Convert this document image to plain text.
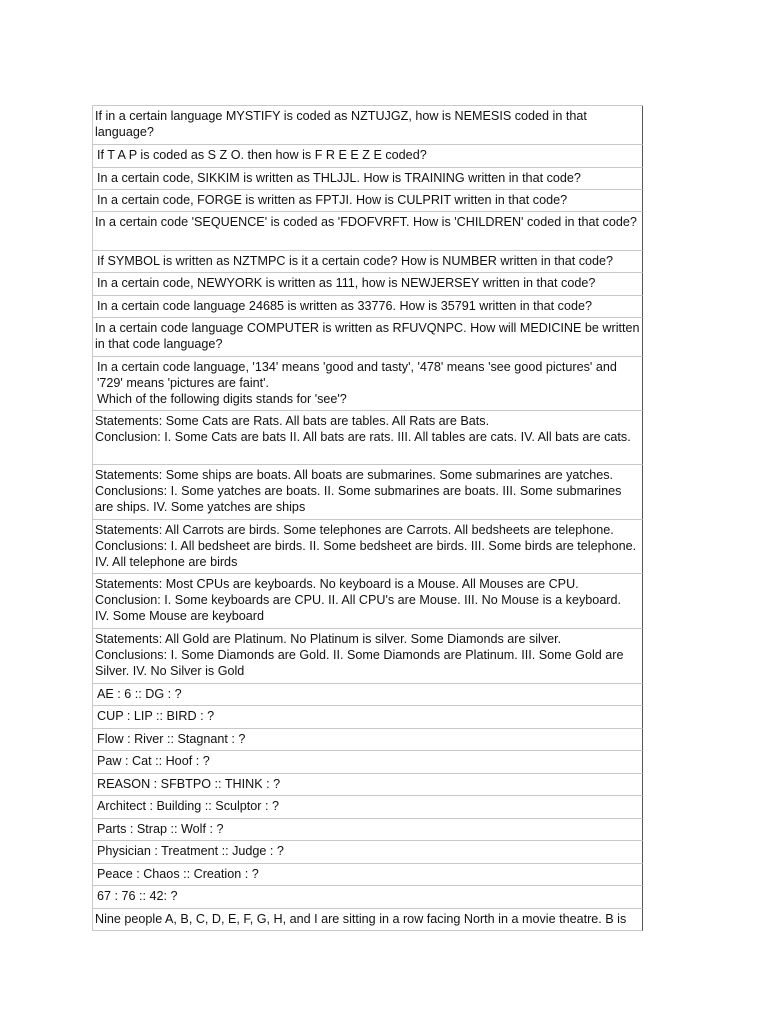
If in a certain language MYSTIFY is coded as NZTUJGZ, how is NEMESIS coded in that language?
If T A P is coded as S Z O. then how is F R E E Z E coded?
In a certain code, SIKKIM is written as THLJJL. How is TRAINING written in that code?
In a certain code, FORGE is written as FPTJI. How is CULPRIT written in that code?
In a certain code 'SEQUENCE' is coded as 'FDOFVRFT. How is 'CHILDREN' coded in that code?
If SYMBOL is written as NZTMPC is it a certain code? How is NUMBER written in that code?
In a certain code, NEWYORK is written as 111, how is NEWJERSEY written in that code?
In a certain code language 24685 is written as 33776. How is 35791 written in that code?
In a certain code language COMPUTER is written as RFUVQNPC. How will MEDICINE be written in that code language?
In a certain code language, '134' means 'good and tasty', '478' means 'see good pictures' and '729' means 'pictures are faint'.
Which of the following digits stands for 'see'?
Statements: Some Cats are Rats. All bats are tables. All Rats are Bats.
Conclusion: I. Some Cats are bats II. All bats are rats. III. All tables are cats. IV. All bats are cats.
Statements: Some ships are boats. All boats are submarines. Some submarines are yatches.
Conclusions: I. Some yatches are boats. II. Some submarines are boats. III. Some submarines are ships. IV. Some yatches are ships
Statements: All Carrots are birds. Some telephones are Carrots. All bedsheets are telephone.
Conclusions: I. All bedsheet are birds. II. Some bedsheet are birds. III. Some birds are telephone. IV. All telephone are birds
Statements: Most CPUs are keyboards. No keyboard is a Mouse. All Mouses are CPU.
Conclusion: I. Some keyboards are CPU. II. All CPU's are Mouse. III. No Mouse is a keyboard.
IV. Some Mouse are keyboard
Statements: All Gold are Platinum. No Platinum is silver. Some Diamonds are silver.
Conclusions: I. Some Diamonds are Gold. II. Some Diamonds are Platinum. III. Some Gold are Silver. IV. No Silver is Gold
AE : 6 :: DG : ?
CUP : LIP :: BIRD : ?
Flow : River :: Stagnant : ?
Paw : Cat :: Hoof : ?
REASON : SFBTPO :: THINK : ?
Architect : Building :: Sculptor : ?
Parts : Strap :: Wolf : ?
Physician : Treatment :: Judge : ?
Peace : Chaos :: Creation : ?
67 : 76 :: 42: ?
Nine people A, B, C, D, E, F, G, H, and I are sitting in a row facing North in a movie theatre. B is
